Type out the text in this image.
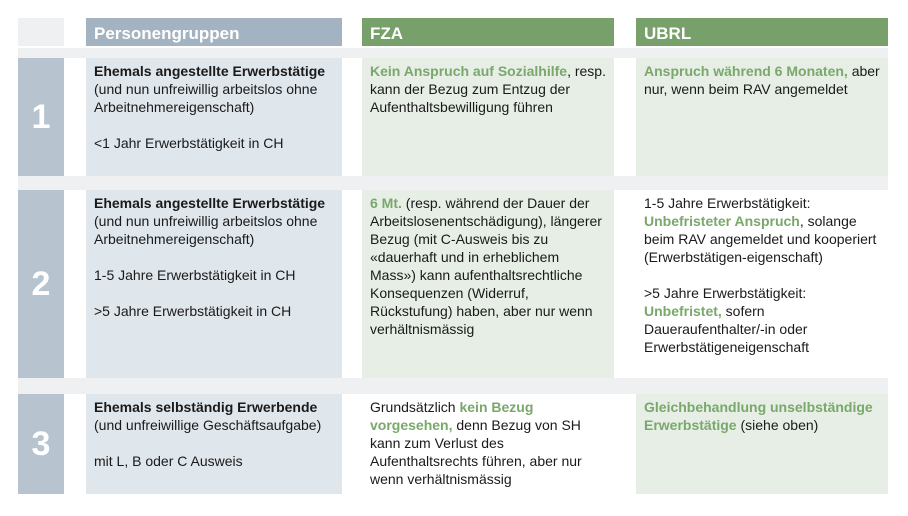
Personengruppen	FZA	UBRL
1

Ehemals angestellte Erwerbstätige

(und nun unfreiwillig arbeitslos ohne Arbeitnehmereigenschaft)

<1 Jahr Erwerbstätigkeit in CH

Kein Anspruch auf Sozialhilfe, resp. kann der Bezug zum Entzug der Aufenthaltsbewilligung führen

Anspruch während 6 Monaten, aber nur, wenn beim RAV angemeldet

2

Ehemals angestellte Erwerbstätige

(und nun unfreiwillig arbeitslos ohne Arbeitnehmereigenschaft)

1-5 Jahre Erwerbstätigkeit in CH

>5 Jahre Erwerbstätigkeit in CH

6 Mt. (resp. während der Dauer der Arbeitslosenentschädigung), längerer Bezug (mit C-Ausweis bis zu «dauerhaft und in erheblichem Mass») kann aufenthaltsrechtliche Konsequenzen (Widerruf, Rückstufung) haben, aber nur wenn verhältnismässig

1-5 Jahre Erwerbstätigkeit: Unbefristeter Anspruch, solange beim RAV angemeldet und kooperiert (Erwerbstätigen-eigenschaft)

>5 Jahre Erwerbstätigkeit: Unbefristet, sofern Daueraufenthalter/-in oder Erwerbstätigeneigenschaft

3

Ehemals selbständig Erwerbende (und unfreiwillige Geschäftsaufgabe)

mit L, B oder C Ausweis

Grundsätzlich kein Bezug vorgesehen, denn Bezug von SH kann zum Verlust des Aufenthaltsrechts führen, aber nur wenn verhältnismässig

Gleichbehandlung unselbständige Erwerbstätige (siehe oben)
